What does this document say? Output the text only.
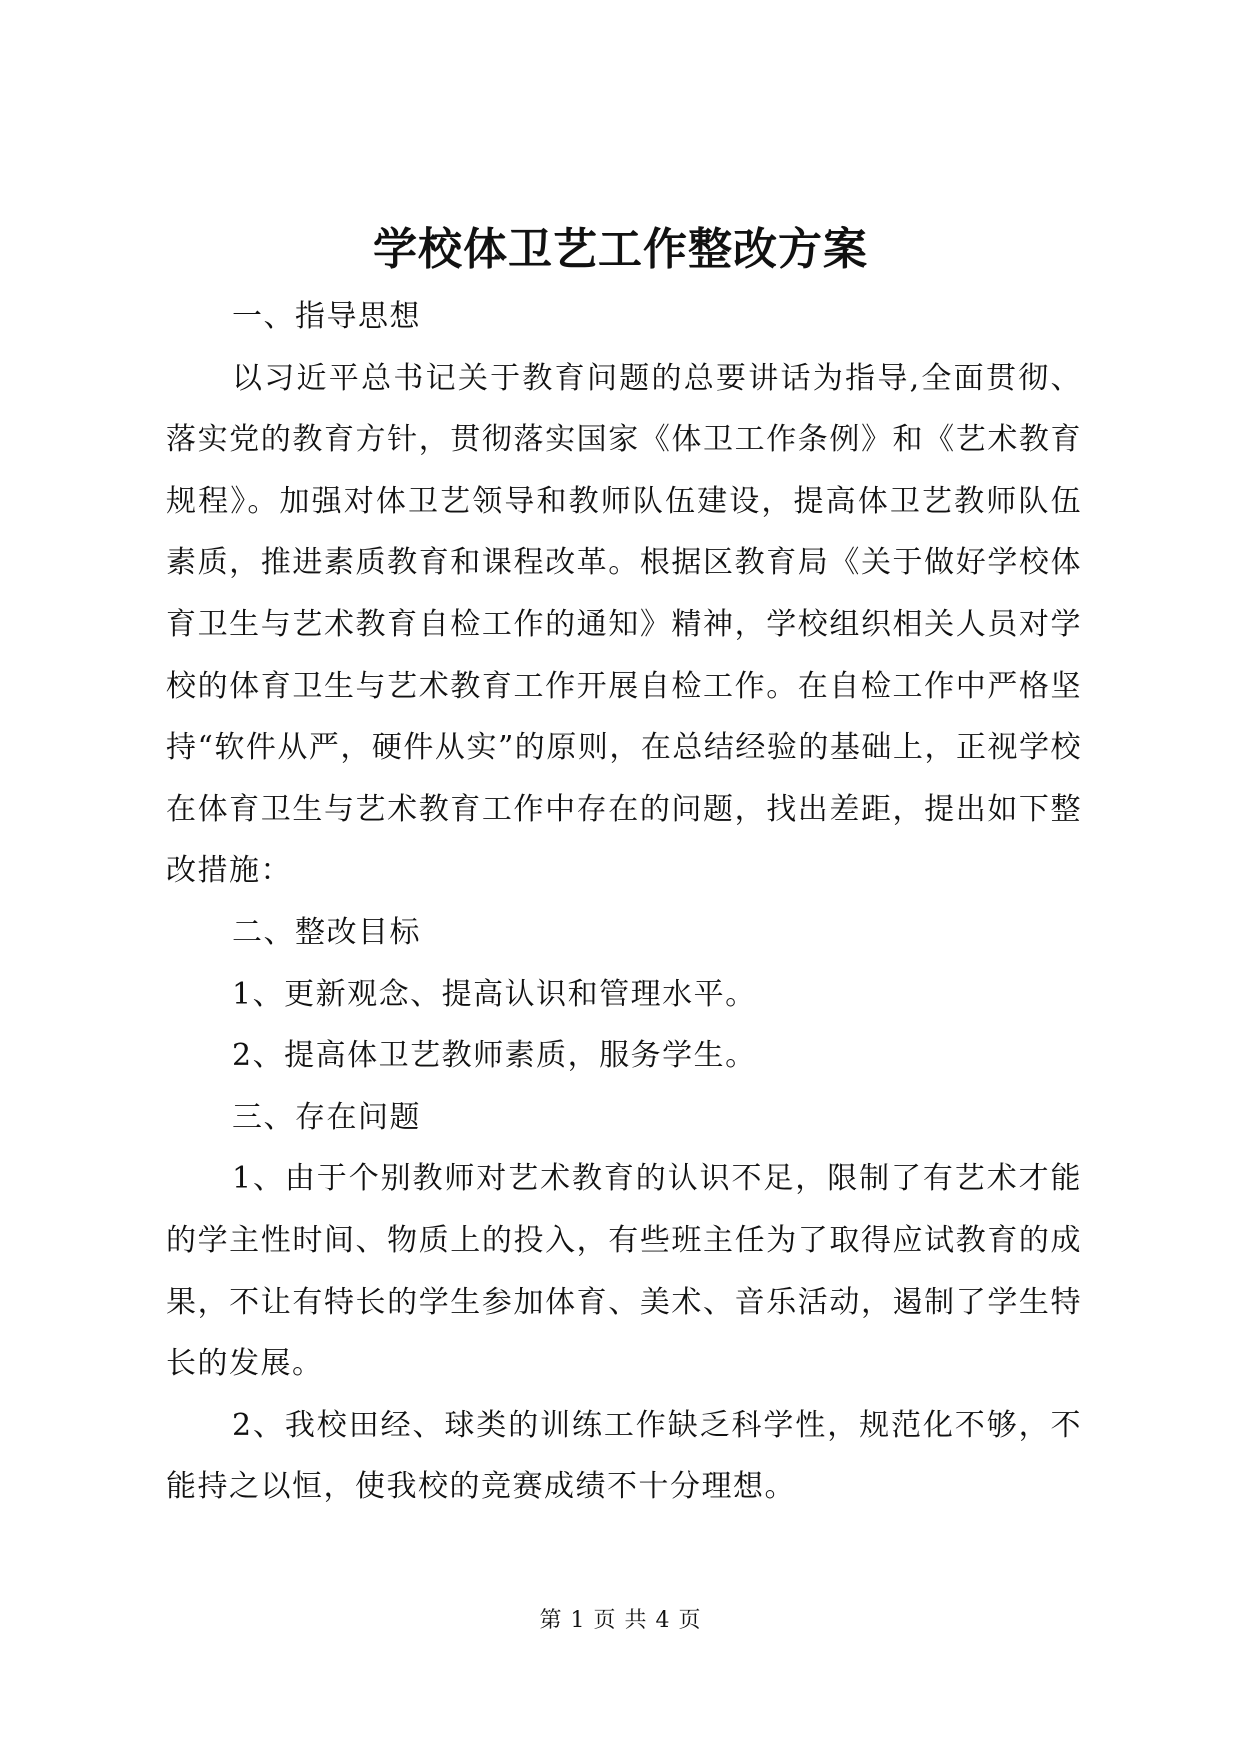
学校体卫艺工作整改方案

一、指导思想

以习近平总书记关于教育问题的总要讲话为指导,全面贯彻、落实党的教育方针，贯彻落实国家《体卫工作条例》和《艺术教育规程》。加强对体卫艺领导和教师队伍建设，提高体卫艺教师队伍素质，推进素质教育和课程改革。根据区教育局《关于做好学校体育卫生与艺术教育自检工作的通知》精神，学校组织相关人员对学校的体育卫生与艺术教育工作开展自检工作。在自检工作中严格坚持“软件从严，硬件从实”的原则，在总结经验的基础上，正视学校在体育卫生与艺术教育工作中存在的问题，找出差距，提出如下整改措施：

二、整改目标

1、更新观念、提高认识和管理水平。

2、提高体卫艺教师素质，服务学生。

三、存在问题

1、由于个别教师对艺术教育的认识不足，限制了有艺术才能的学主性时间、物质上的投入，有些班主任为了取得应试教育的成果，不让有特长的学生参加体育、美术、音乐活动，遏制了学生特长的发展。

2、我校田经、球类的训练工作缺乏科学性，规范化不够，不能持之以恒，使我校的竞赛成绩不十分理想。

第 1 页 共 4 页
